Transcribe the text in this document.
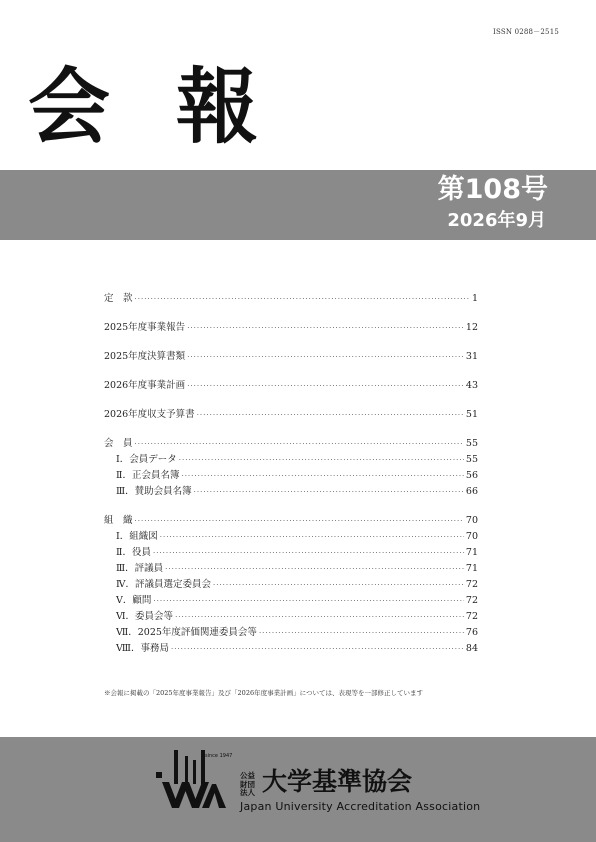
ISSN 0288－2515
会 報
第108号
2026年9月
定　款 ·····	1
2025年度事業報告 ·····	12
2025年度決算書類 ·····	31
2026年度事業計画 ·····	43
2026年度収支予算書 ·····	51
会　員 ·····	55
Ⅰ．会員データ ·····	55
Ⅱ．正会員名簿 ·····	56
Ⅲ．賛助会員名簿 ·····	66
組　織 ·····	70
Ⅰ．組織図 ·····	70
Ⅱ．役員 ·····	71
Ⅲ．評議員 ·····	71
Ⅳ．評議員選定委員会 ·····	72
Ⅴ．顧問 ·····	72
Ⅵ．委員会等 ·····	72
Ⅶ．2025年度評価関連委員会等 ·····	76
Ⅷ．事務局 ·····	84
※会報に掲載の「2025年度事業報告」及び「2026年度事業計画」については、表現等を一部修正しています
since 1947
公益財団法人 大学基準協会
Japan University Accreditation Association
